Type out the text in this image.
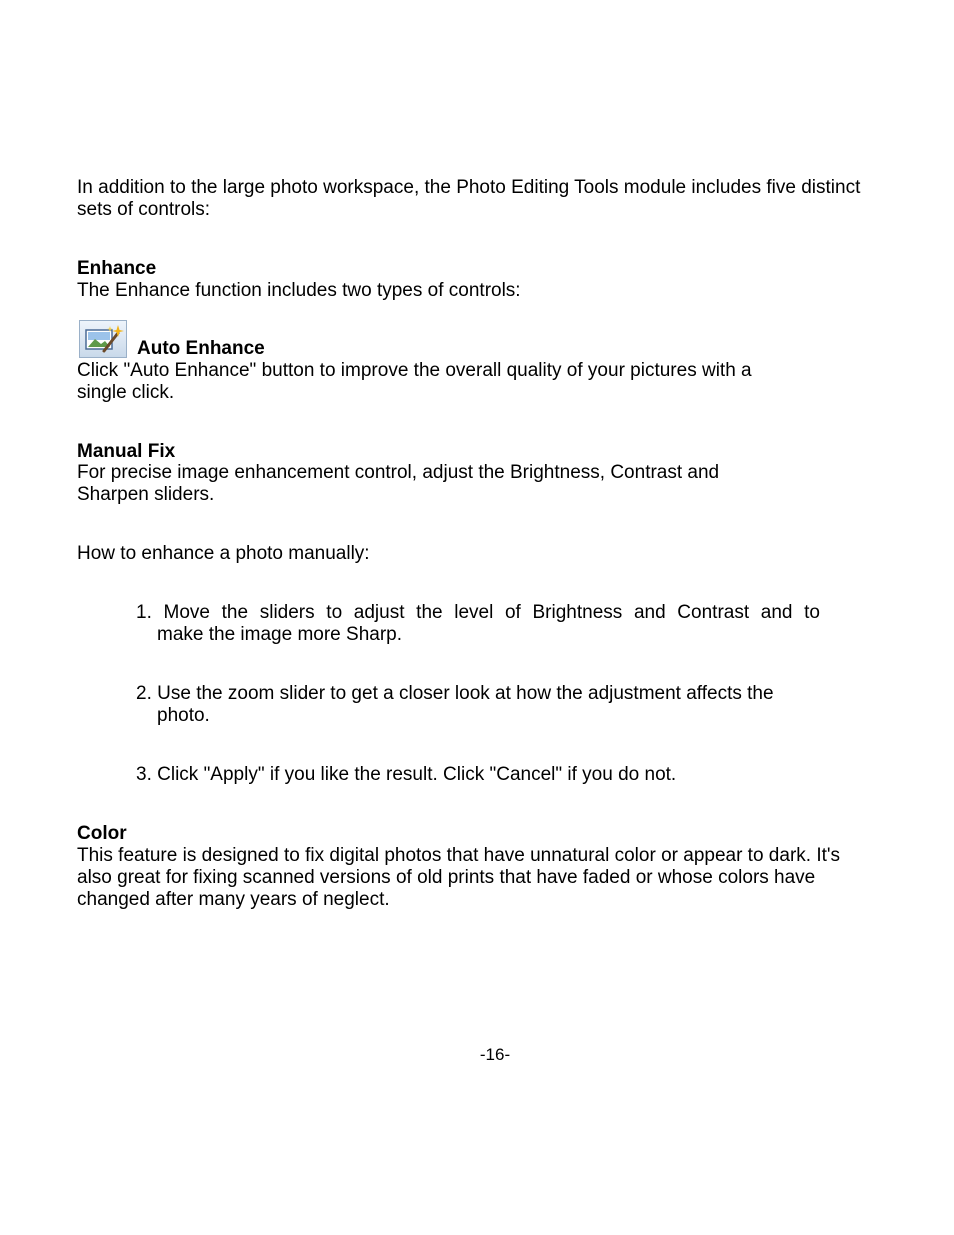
In addition to the large photo workspace, the Photo Editing Tools module includes five distinct
sets of controls:

Enhance

The Enhance function includes two types of controls:

Auto Enhance

Click "Auto Enhance" button to improve the overall quality of your pictures with a
single click.

Manual Fix

For precise image enhancement control, adjust the Brightness, Contrast and
Sharpen sliders.

How to enhance a photo manually:

1. Move the sliders to adjust the level of Brightness and Contrast and to
make the image more Sharp.

2. Use the zoom slider to get a closer look at how the adjustment affects the
photo.

3. Click "Apply" if you like the result. Click "Cancel" if you do not.

Color

This feature is designed to fix digital photos that have unnatural color or appear to dark. It's
also great for fixing scanned versions of old prints that have faded or whose colors have
changed after many years of neglect.

-16-
